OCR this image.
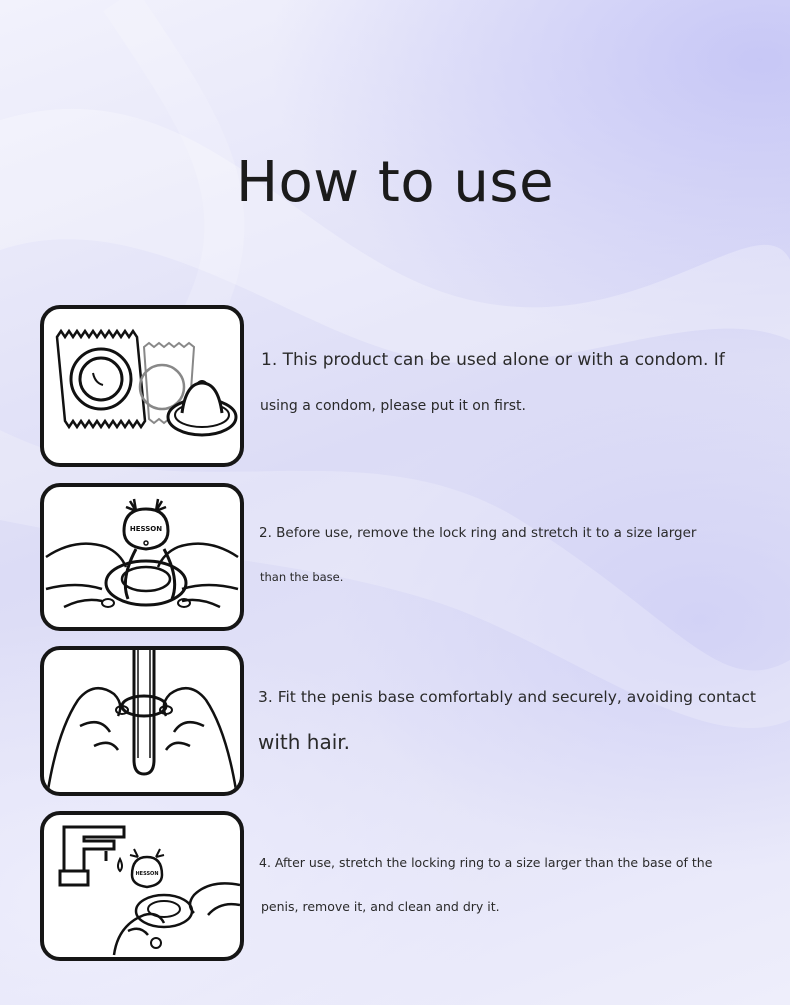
How to use
1. This product can be used alone or with a condom. If
using a condom, please put it on first.
HESSON	2. Before use, remove the lock ring and stretch it to a size larger
than the base.
3. Fit the penis base comfortably and securely, avoiding contact
with hair.
HESSON
4. After use, stretch the locking ring to a size larger than the base of the
penis, remove it, and clean and dry it.
